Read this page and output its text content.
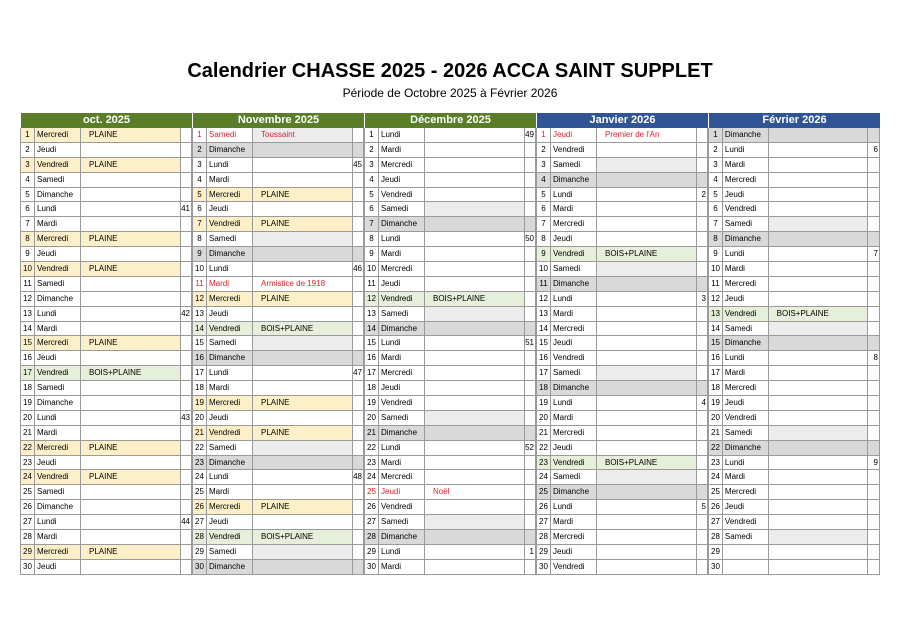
Calendrier CHASSE 2025 - 2026 ACCA SAINT SUPPLET
Période de Octobre 2025 à Février 2026
oct. 2025
1 Mercredi	PLAINE
2 Jeudi
3 Vendredi	PLAINE
4 Samedi
5 Dimanche
6 Lundi	41
7 Mardi
8 Mercredi	PLAINE
9 Jeudi
10 Vendredi	PLAINE
11 Samedi
12 Dimanche
13 Lundi	42
14 Mardi
15 Mercredi	PLAINE
16 Jeudi
17 Vendredi	BOIS+PLAINE
18 Samedi
19 Dimanche
20 Lundi	43
21 Mardi
22 Mercredi	PLAINE
23 Jeudi
24 Vendredi	PLAINE
25 Samedi
26 Dimanche
27 Lundi	44
28 Mardi
29 Mercredi	PLAINE
30 Jeudi
Novembre 2025
1 Samedi	Toussaint
2 Dimanche
3 Lundi	45
4 Mardi
5 Mercredi	PLAINE
6 Jeudi
7 Vendredi	PLAINE
8 Samedi
9 Dimanche
10 Lundi	46
11 Mardi	Armistice de 1918
12 Mercredi	PLAINE
13 Jeudi
14 Vendredi	BOIS+PLAINE
15 Samedi
16 Dimanche
17 Lundi	47
18 Mardi
19 Mercredi	PLAINE
20 Jeudi
21 Vendredi	PLAINE
22 Samedi
23 Dimanche
24 Lundi	48
25 Mardi
26 Mercredi	PLAINE
27 Jeudi
28 Vendredi	BOIS+PLAINE
29 Samedi
30 Dimanche
Décembre 2025
1 Lundi	49
2 Mardi
3 Mercredi
4 Jeudi
5 Vendredi
6 Samedi
7 Dimanche
8 Lundi	50
9 Mardi
10 Mercredi
11 Jeudi
12 Vendredi	BOIS+PLAINE
13 Samedi
14 Dimanche
15 Lundi	51
16 Mardi
17 Mercredi
18 Jeudi
19 Vendredi
20 Samedi
21 Dimanche
22 Lundi	52
23 Mardi
24 Mercredi
25 Jeudi	Noël
26 Vendredi
27 Samedi
28 Dimanche
29 Lundi	1
30 Mardi
Janvier 2026
1 Jeudi	Premier de l'An
2 Vendredi
3 Samedi
4 Dimanche
5 Lundi	2
6 Mardi
7 Mercredi
8 Jeudi
9 Vendredi	BOIS+PLAINE
10 Samedi
11 Dimanche
12 Lundi	3
13 Mardi
14 Mercredi
15 Jeudi
16 Vendredi
17 Samedi
18 Dimanche
19 Lundi	4
20 Mardi
21 Mercredi
22 Jeudi
23 Vendredi	BOIS+PLAINE
24 Samedi
25 Dimanche
26 Lundi	5
27 Mardi
28 Mercredi
29 Jeudi
30 Vendredi
Février 2026
1 Dimanche
2 Lundi	6
3 Mardi
4 Mercredi
5 Jeudi
6 Vendredi
7 Samedi
8 Dimanche
9 Lundi	7
10 Mardi
11 Mercredi
12 Jeudi
13 Vendredi	BOIS+PLAINE
14 Samedi
15 Dimanche
16 Lundi	8
17 Mardi
18 Mercredi
19 Jeudi
20 Vendredi
21 Samedi
22 Dimanche
23 Lundi	9
24 Mardi
25 Mercredi
26 Jeudi
27 Vendredi
28 Samedi
29
30
